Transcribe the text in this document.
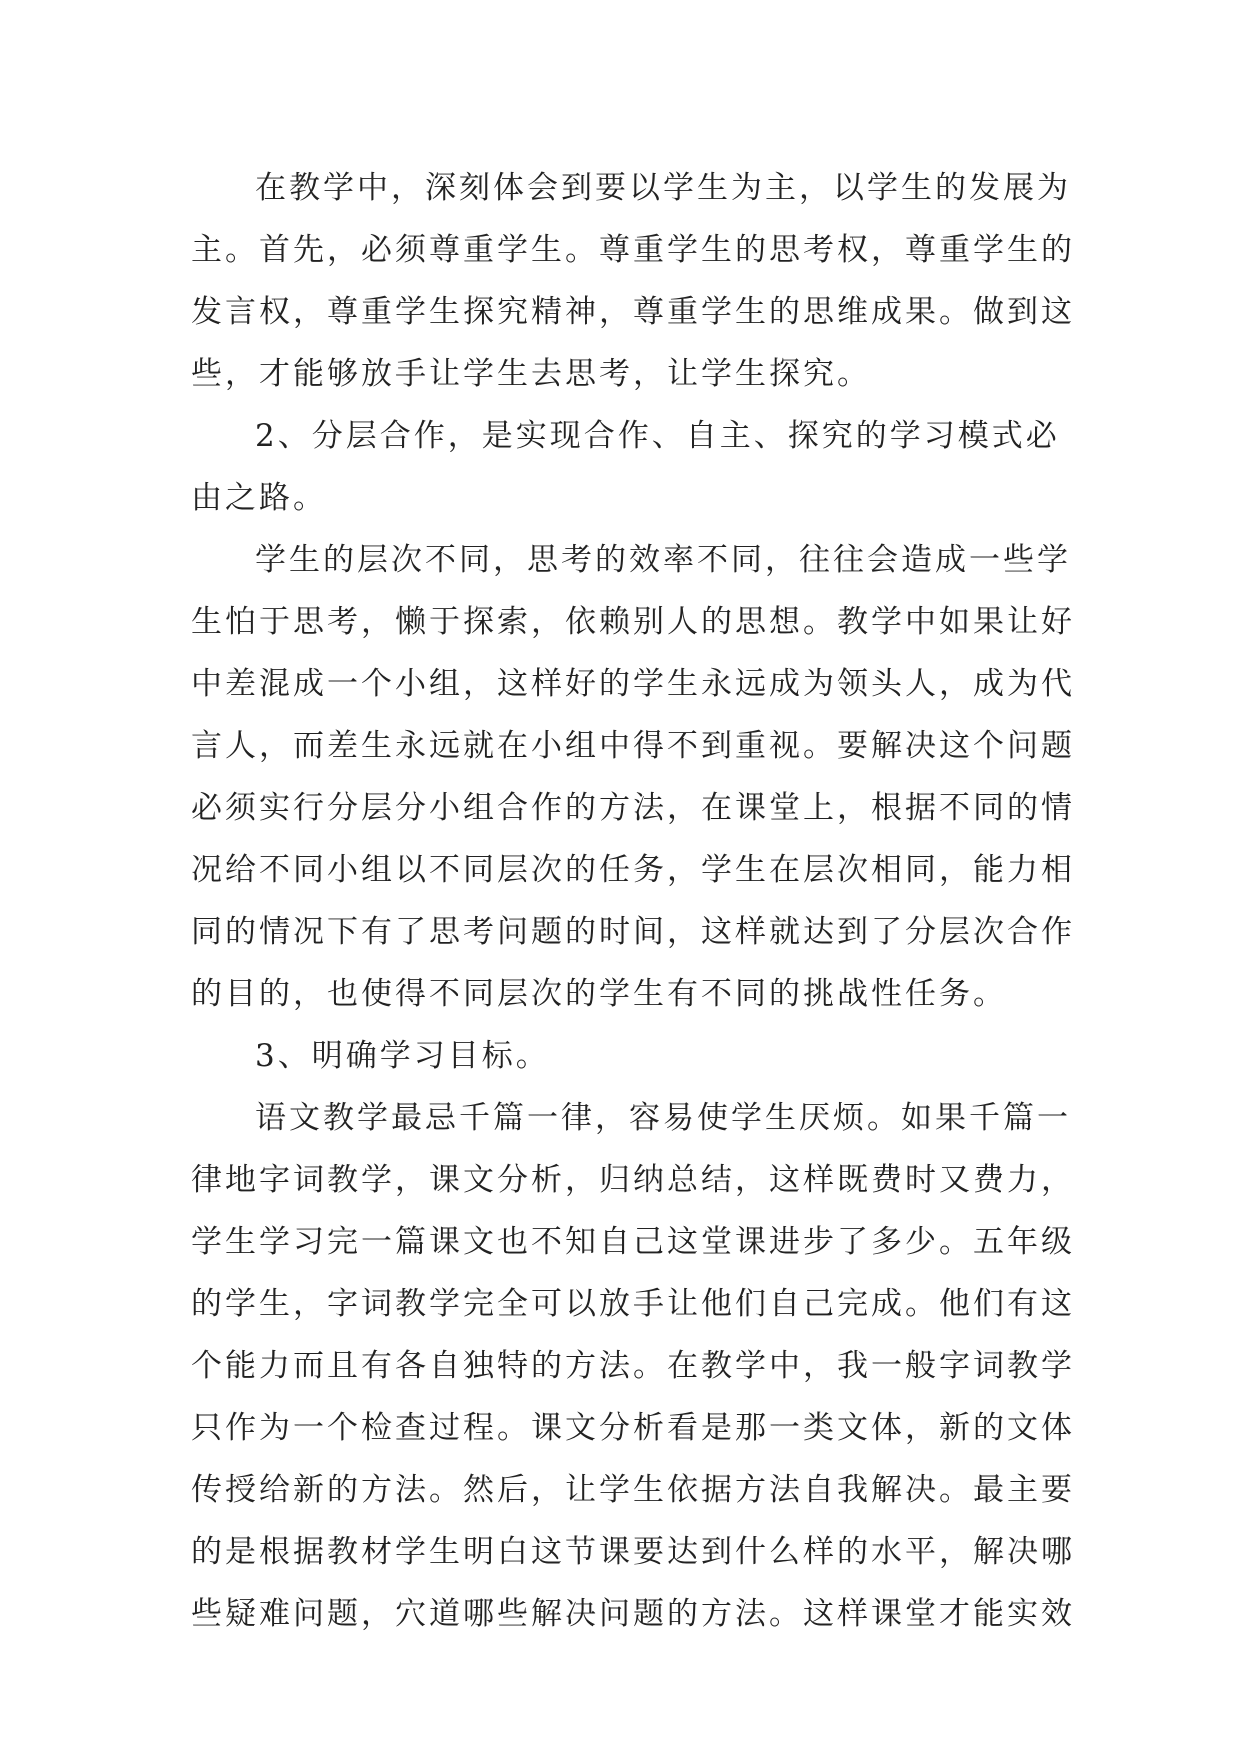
在教学中，深刻体会到要以学生为主，以学生的发展为
主。首先，必须尊重学生。尊重学生的思考权，尊重学生的
发言权，尊重学生探究精神，尊重学生的思维成果。做到这
些，才能够放手让学生去思考，让学生探究。
2、分层合作，是实现合作、自主、探究的学习模式必
由之路。
学生的层次不同，思考的效率不同，往往会造成一些学
生怕于思考，懒于探索，依赖别人的思想。教学中如果让好
中差混成一个小组，这样好的学生永远成为领头人，成为代
言人，而差生永远就在小组中得不到重视。要解决这个问题
必须实行分层分小组合作的方法，在课堂上，根据不同的情
况给不同小组以不同层次的任务，学生在层次相同，能力相
同的情况下有了思考问题的时间，这样就达到了分层次合作
的目的，也使得不同层次的学生有不同的挑战性任务。
3、明确学习目标。
语文教学最忌千篇一律，容易使学生厌烦。如果千篇一
律地字词教学，课文分析，归纳总结，这样既费时又费力，
学生学习完一篇课文也不知自己这堂课进步了多少。五年级
的学生，字词教学完全可以放手让他们自己完成。他们有这
个能力而且有各自独特的方法。在教学中，我一般字词教学
只作为一个检查过程。课文分析看是那一类文体，新的文体
传授给新的方法。然后，让学生依据方法自我解决。最主要
的是根据教材学生明白这节课要达到什么样的水平，解决哪
些疑难问题，穴道哪些解决问题的方法。这样课堂才能实效
